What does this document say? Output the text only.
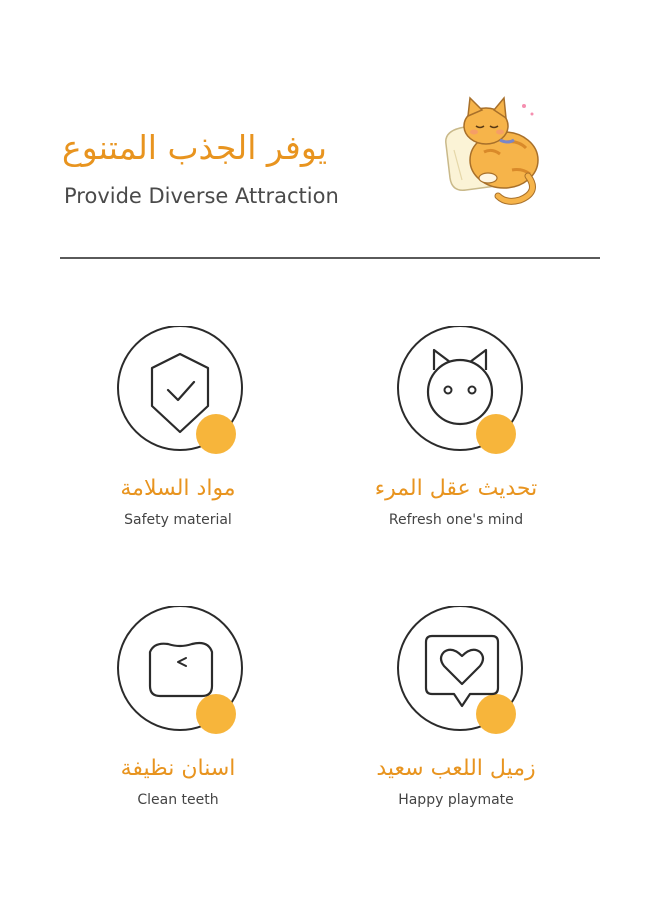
يوفر الجذب المتنوع
Provide Diverse Attraction
مواد السلامة
Safety material
تحديث عقل المرء
Refresh one's mind
اسنان نظيفة
Clean teeth
زميل اللعب سعيد
Happy playmate
